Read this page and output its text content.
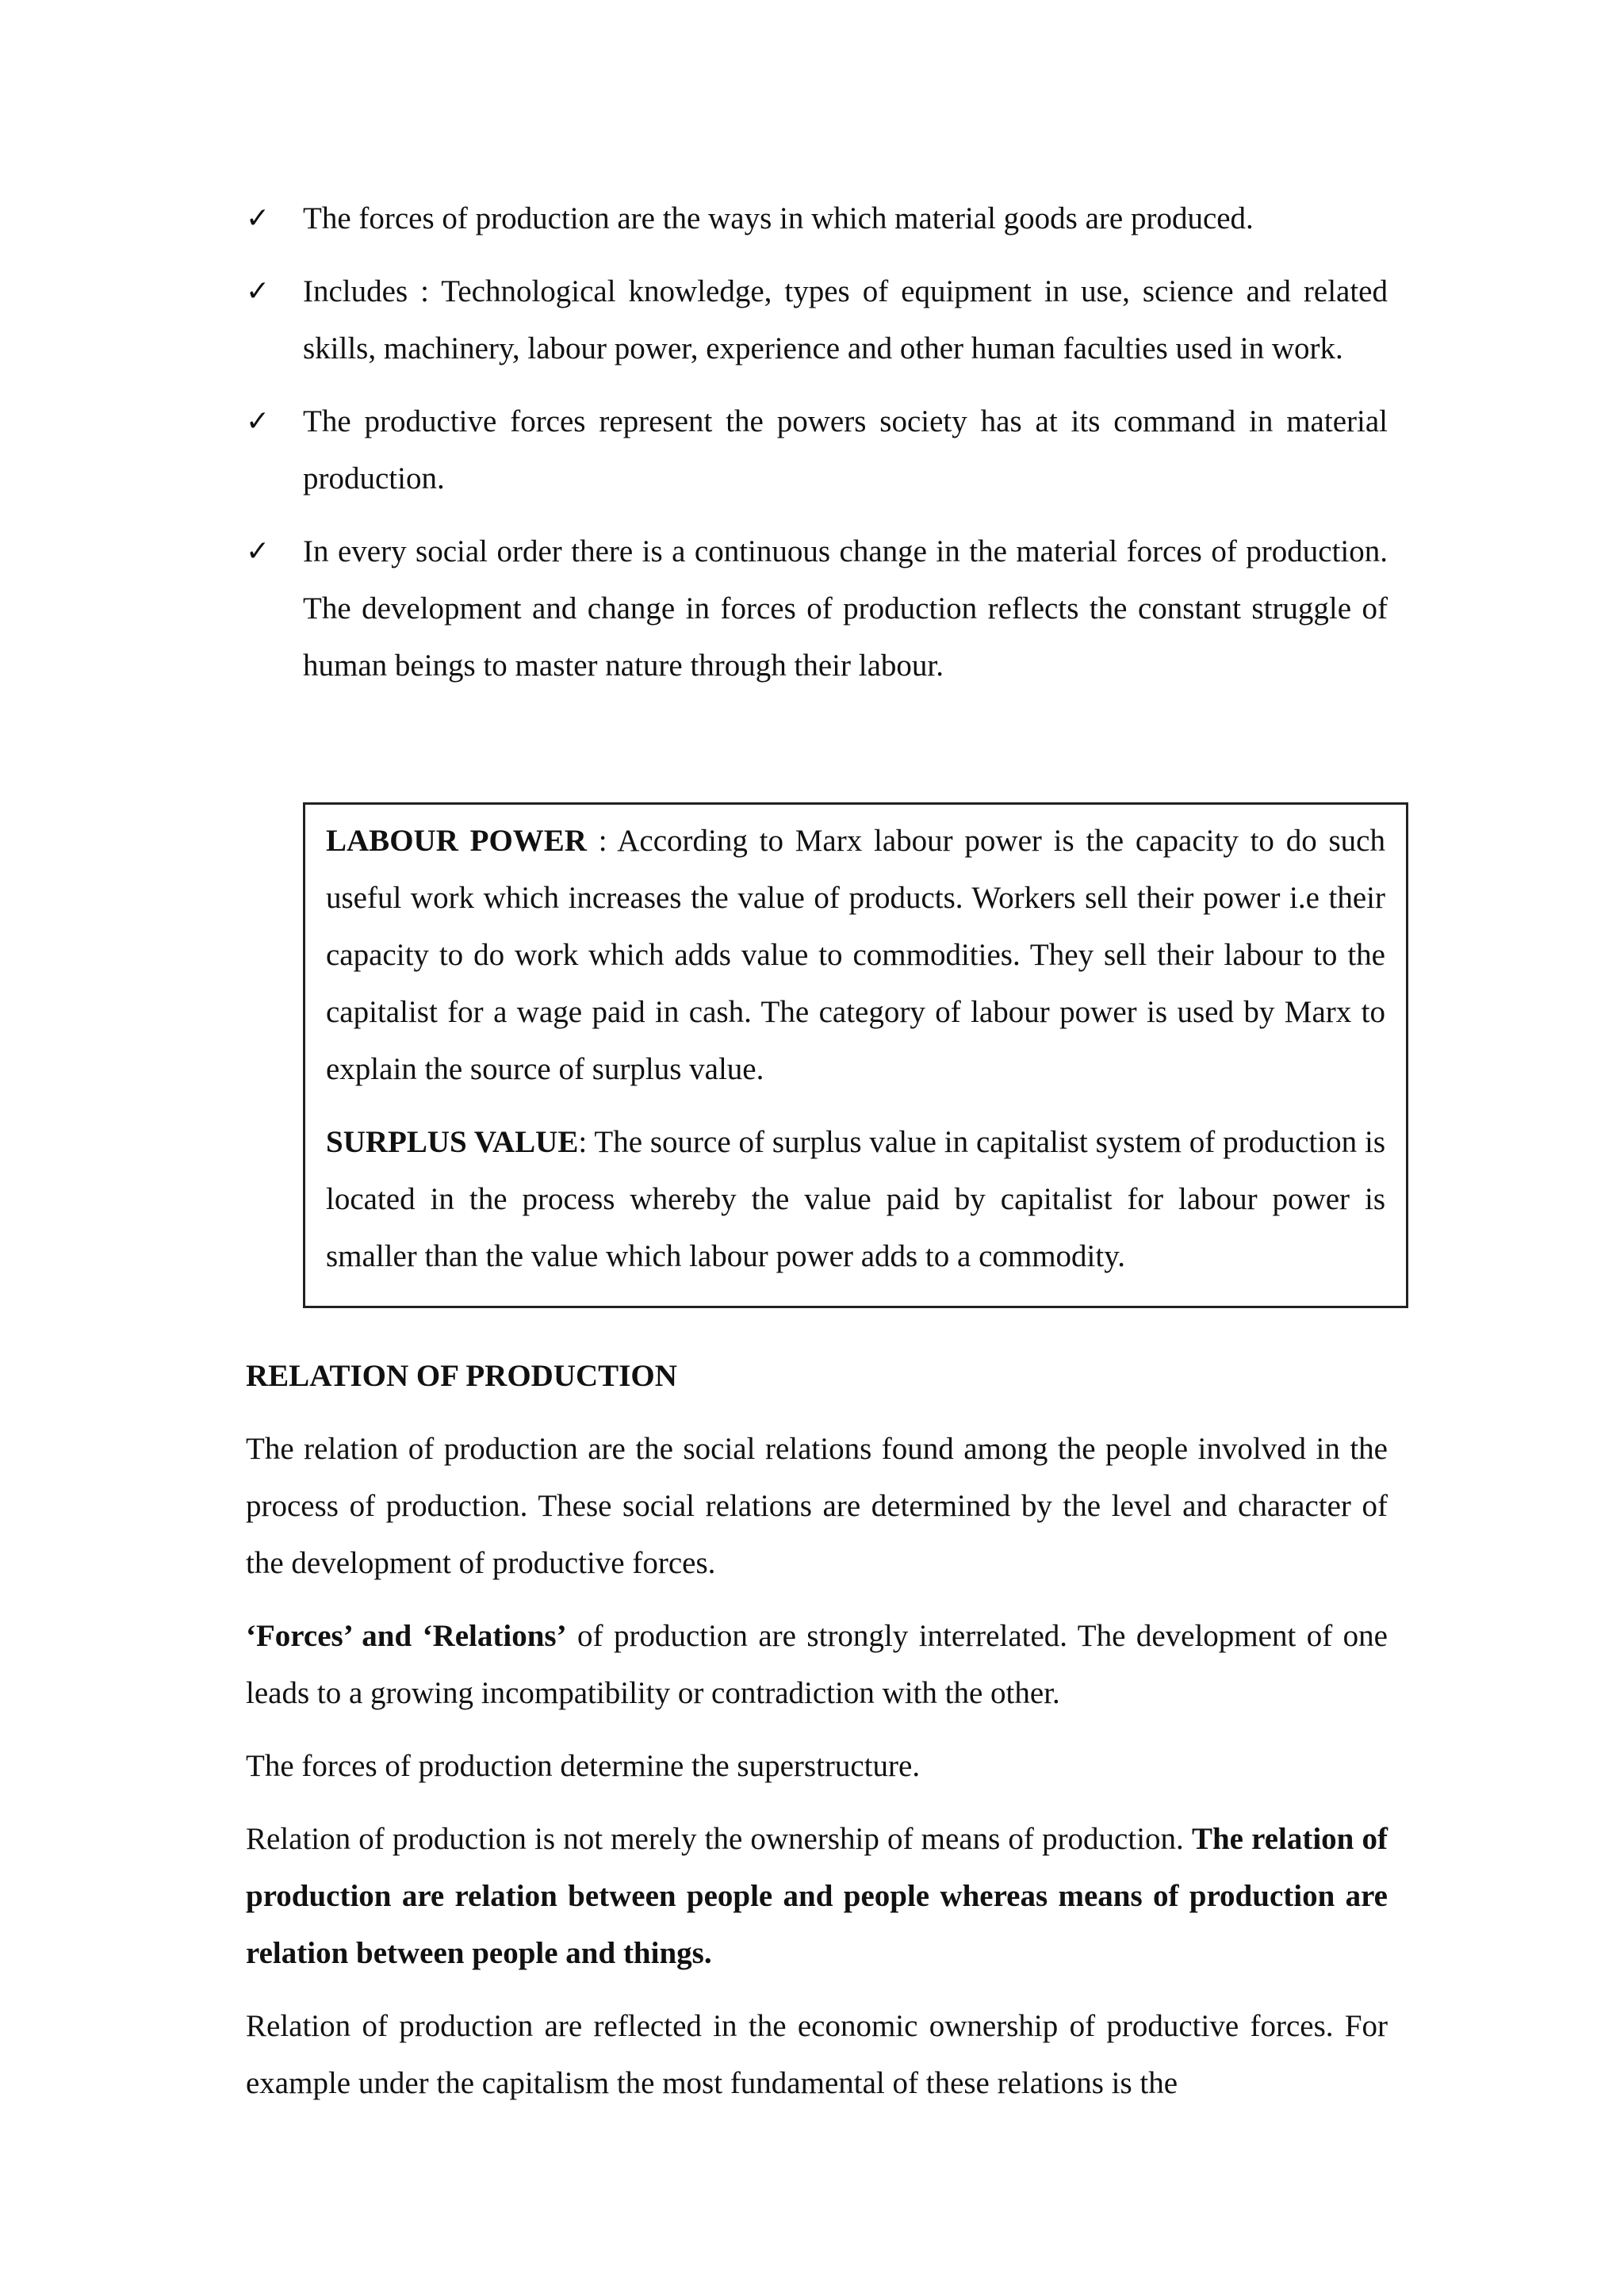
✓ The forces of production are the ways in which material goods are produced.
✓ Includes : Technological knowledge, types of equipment in use, science and related skills, machinery, labour power, experience and other human faculties used in work.
✓ The productive forces represent the powers society has at its command in material production.
✓ In every social order there is a continuous change in the material forces of production. The development and change in forces of production reflects the constant struggle of human beings to master nature through their labour.

LABOUR POWER : According to Marx labour power is the capacity to do such useful work which increases the value of products. Workers sell their power i.e their capacity to do work which adds value to commodities. They sell their labour to the capitalist for a wage paid in cash. The category of labour power is used by Marx to explain the source of surplus value.

SURPLUS VALUE: The source of surplus value in capitalist system of production is located in the process whereby the value paid by capitalist for labour power is smaller than the value which labour power adds to a commodity.

RELATION OF PRODUCTION

The relation of production are the social relations found among the people involved in the process of production. These social relations are determined by the level and character of the development of productive forces.

‘Forces’ and ‘Relations’ of production are strongly interrelated. The development of one leads to a growing incompatibility or contradiction with the other.

The forces of production determine the superstructure.

Relation of production is not merely the ownership of means of production. The relation of production are relation between people and people whereas means of production are relation between people and things.

Relation of production are reflected in the economic ownership of productive forces. For example under the capitalism the most fundamental of these relations is the
